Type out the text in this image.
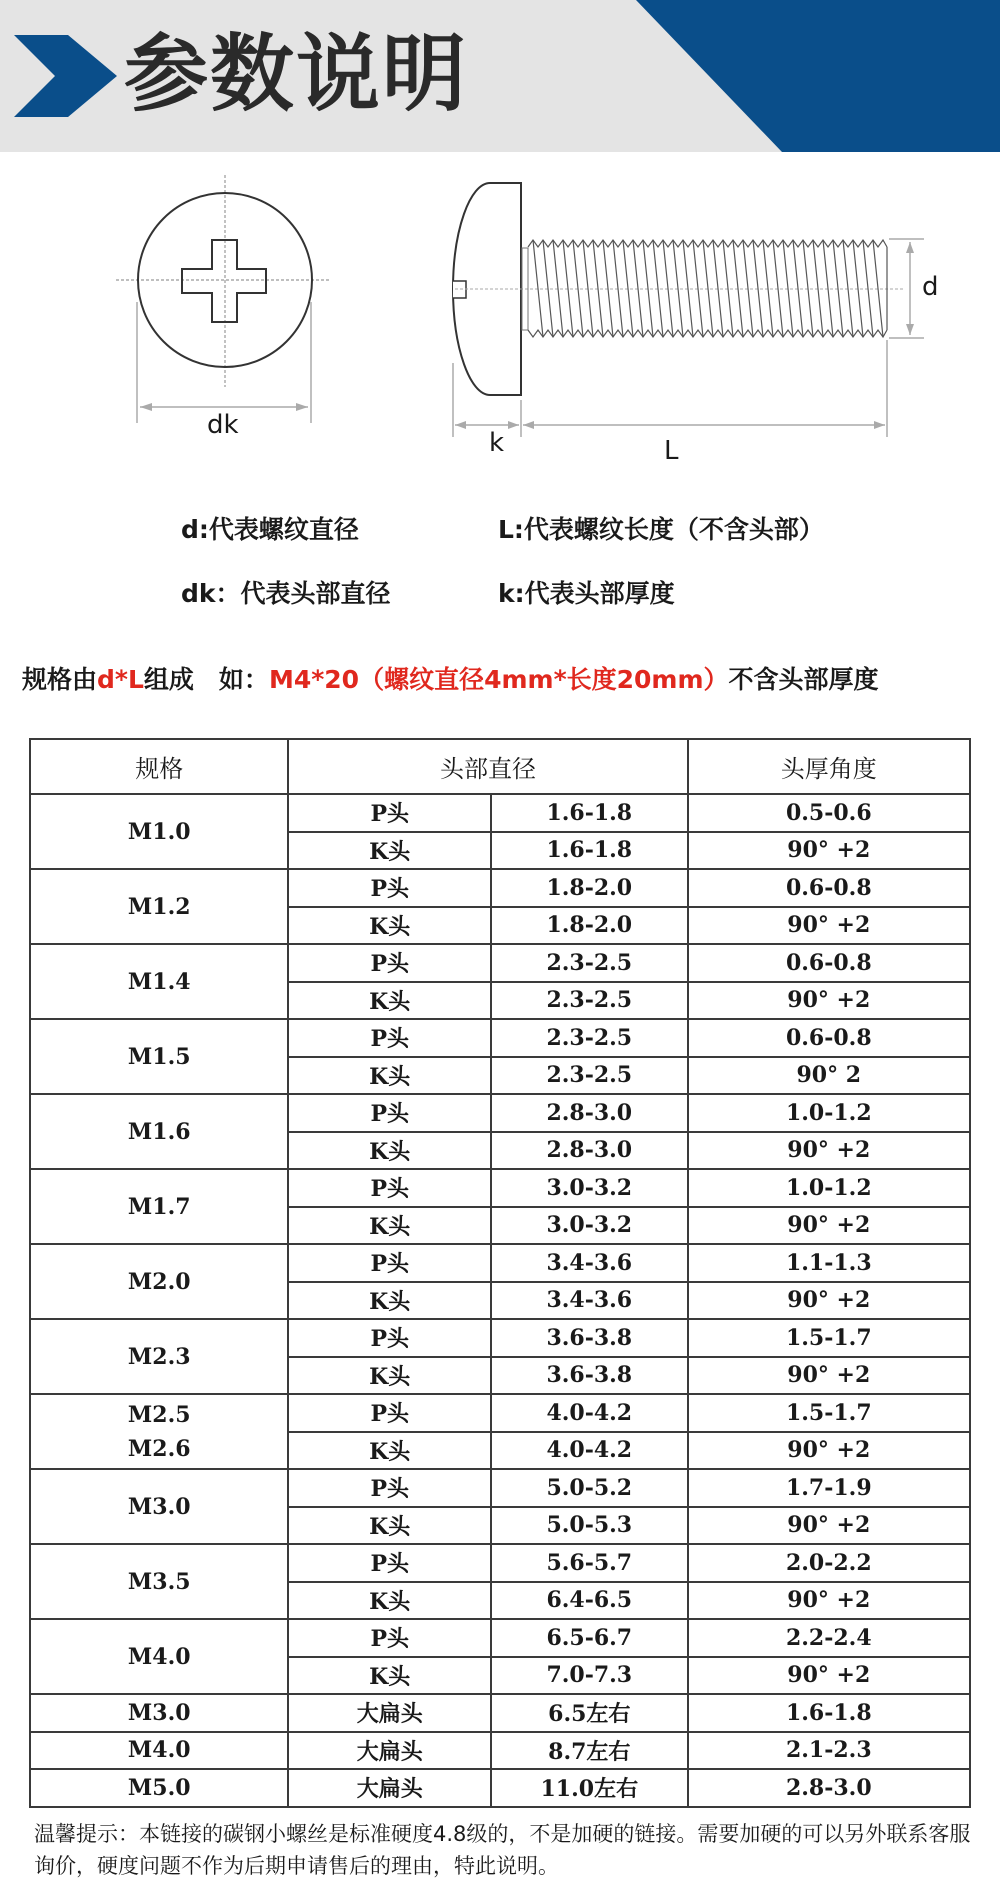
参数说明
dk
k	L
d
d:代表螺纹直径	L:代表螺纹长度（不含头部）
dk：代表头部直径	k:代表头部厚度
规格由d*L组成　如：M4*20（螺纹直径4mm*长度20mm）不含头部厚度
规格	头部直径		头厚角度

M1.0	P头	1.6-1.8	0.5-0.6
	K头	1.6-1.8	90° +2

M1.2	P头	1.8-2.0	0.6-0.8
	K头	1.8-2.0	90° +2

M1.4	P头	2.3-2.5	0.6-0.8
	K头	2.3-2.5	90° +2

M1.5	P头	2.3-2.5	0.6-0.8
	K头	2.3-2.5	90° 2

M1.6	P头	2.8-3.0	1.0-1.2
	K头	2.8-3.0	90° +2

M1.7	P头	3.0-3.2	1.0-1.2
	K头	3.0-3.2	90° +2

M2.0	P头	3.4-3.6	1.1-1.3
	K头	3.4-3.6	90° +2

M2.3	P头	3.6-3.8	1.5-1.7
	K头	3.6-3.8	90° +2

M2.5
M2.6	P头	4.0-4.2	1.5-1.7
	K头	4.0-4.2	90° +2

M3.0	P头	5.0-5.2	1.7-1.9
	K头	5.0-5.3	90° +2

M3.5	P头	5.6-5.7	2.0-2.2
	K头	6.4-6.5	90° +2

M4.0	P头	6.5-6.7	2.2-2.4
	K头	7.0-7.3	90° +2

M3.0	大扁头	6.5左右	1.6-1.8

M4.0	大扁头	8.7左右	2.1-2.3

M5.0	大扁头	11.0左右	2.8-3.0
温馨提示：本链接的碳钢小螺丝是标准硬度4.8级的，不是加硬的链接。需要加硬的可以另外联系客服询价，硬度问题不作为后期申请售后的理由，特此说明。
